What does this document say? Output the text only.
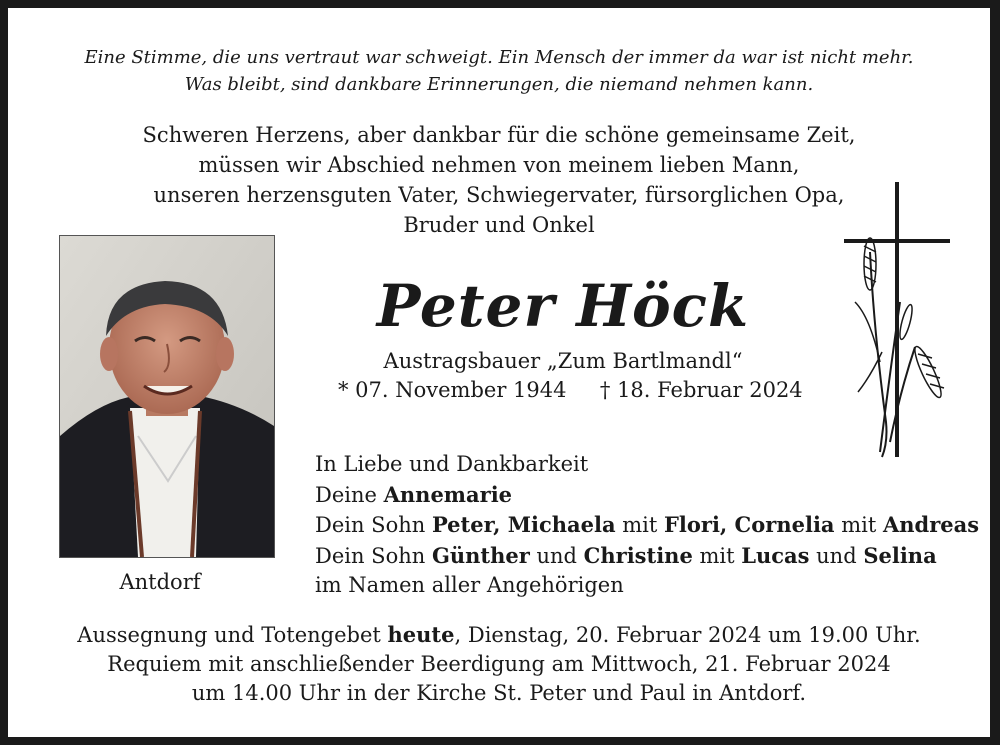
Eine Stimme, die uns vertraut war schweigt. Ein Mensch der immer da war ist nicht mehr.
Was bleibt, sind dankbare Erinnerungen, die niemand nehmen kann.
Schweren Herzens, aber dankbar für die schöne gemeinsame Zeit,
müssen wir Abschied nehmen von meinem lieben Mann,
unseren herzensguten Vater, Schwiegervater, fürsorglichen Opa,
Bruder und Onkel
Antdorf
Peter Höck
Austragsbauer „Zum Bartlmandl“
* 07. November 1944 † 18. Februar 2024
In Liebe und Dankbarkeit
Deine Annemarie
Dein Sohn Peter, Michaela mit Flori, Cornelia mit Andreas
Dein Sohn Günther und Christine mit Lucas und Selina
im Namen aller Angehörigen
Aussegnung und Totengebet heute, Dienstag, 20. Februar 2024 um 19.00 Uhr.
Requiem mit anschließender Beerdigung am Mittwoch, 21. Februar 2024
um 14.00 Uhr in der Kirche St. Peter und Paul in Antdorf.
